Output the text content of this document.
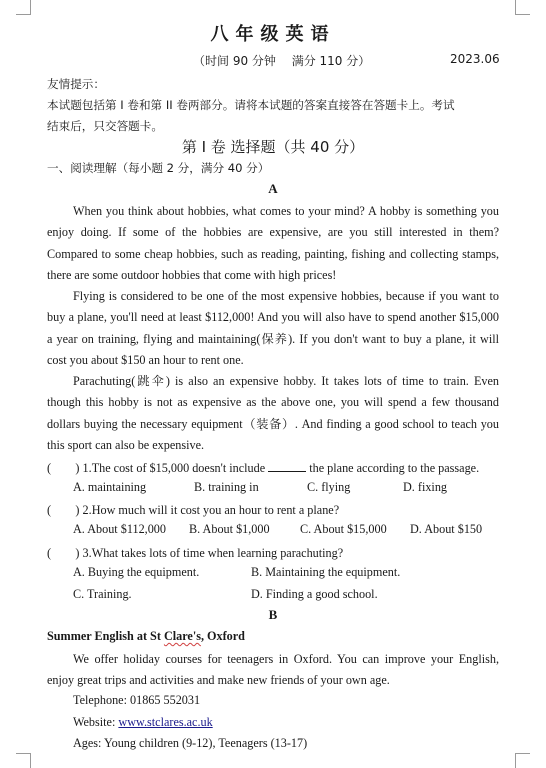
八年级英语
（时间 90 分钟　 满分 110 分）	2023.06
友情提示：
本试题包括第 I 卷和第 II 卷两部分。请将本试题的答案直接答在答题卡上。考试
结束后，只交答题卡。
第 I 卷 选择题（共 40 分）
一、阅读理解（每小题 2 分，满分 40 分）
A
When you think about hobbies, what comes to your mind? A hobby is something you enjoy doing. If some of the hobbies are expensive, are you still interested in them? Compared to some cheap hobbies, such as reading, painting, fishing and collecting stamps, there are some outdoor hobbies that come with high prices!
Flying is considered to be one of the most expensive hobbies, because if you want to buy a plane, you'll need at least $112,000! And you will also have to spend another $15,000 a year on training, flying and maintaining(保养). If you don't want to buy a plane, it will cost you about $150 an hour to rent one.
Parachuting(跳伞) is also an expensive hobby. It takes lots of time to train. Even though this hobby is not as expensive as the above one, you will spend a few thousand dollars buying the necessary equipment（装备）. And finding a good school to teach you this sport can also be expensive.
(　　) 1.The cost of $15,000 doesn't include	the plane according to the passage.
A. maintaining	B. training in	C. flying	D. fixing
(　　) 2.How much will it cost you an hour to rent a plane?
A. About $112,000 B. About $1,000 C. About $15,000 D. About $150
(　　) 3.What takes lots of time when learning parachuting?
A. Buying the equipment.	B. Maintaining the equipment.
C. Training.	D. Finding a good school.
B
Summer English at St Clare's, Oxford
We offer holiday courses for teenagers in Oxford. You can improve your English, enjoy great trips and activities and make new friends of your own age.
Telephone: 01865 552031
Website: www.stclares.ac.uk
Ages: Young children (9-12), Teenagers (13-17)
